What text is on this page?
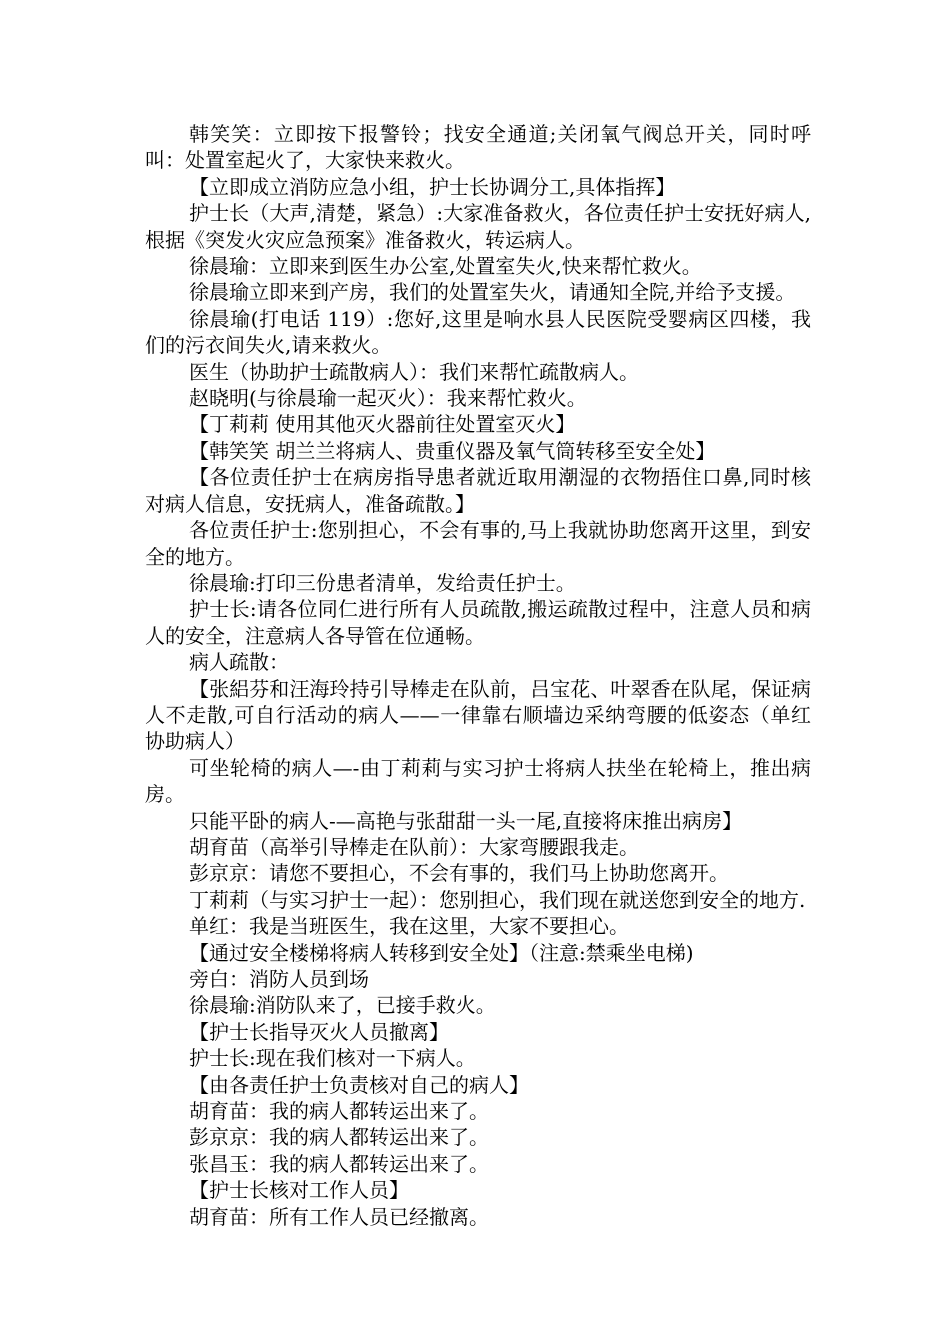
韩笑笑：立即按下报警铃；找安全通道;关闭氧气阀总开关，同时呼叫：处置室起火了，大家快来救火。

【立即成立消防应急小组，护士长协调分工,具体指挥】

护士长（大声,清楚，紧急）:大家准备救火，各位责任护士安抚好病人,根据《突发火灾应急预案》准备救火，转运病人。

徐晨瑜：立即来到医生办公室,处置室失火,快来帮忙救火。

徐晨瑜立即来到产房，我们的处置室失火，请通知全院,并给予支援。

徐晨瑜(打电话 119）:您好,这里是响水县人民医院受婴病区四楼，我们的污衣间失火,请来救火。

医生（协助护士疏散病人）：我们来帮忙疏散病人。

赵晓明(与徐晨瑜一起灭火）：我来帮忙救火。

【丁莉莉 使用其他灭火器前往处置室灭火】

【韩笑笑 胡兰兰将病人、贵重仪器及氧气筒转移至安全处】

【各位责任护士在病房指导患者就近取用潮湿的衣物捂住口鼻,同时核对病人信息，安抚病人，准备疏散。】

各位责任护士:您别担心，不会有事的,马上我就协助您离开这里，到安全的地方。

徐晨瑜:打印三份患者清单，发给责任护士。

护士长:请各位同仁进行所有人员疏散,搬运疏散过程中，注意人员和病人的安全，注意病人各导管在位通畅。

病人疏散：

【张絽芬和汪海玲持引导棒走在队前，吕宝花、叶翠香在队尾，保证病人不走散,可自行活动的病人——一律靠右顺墙边采纳弯腰的低姿态（单红协助病人）

可坐轮椅的病人—-由丁莉莉与实习护士将病人扶坐在轮椅上，推出病房。

只能平卧的病人-—高艳与张甜甜一头一尾,直接将床推出病房】

胡育苗（高举引导棒走在队前）：大家弯腰跟我走。

彭京京：请您不要担心，不会有事的，我们马上协助您离开。

丁莉莉（与实习护士一起）：您别担心，我们现在就送您到安全的地方.

单红：我是当班医生，我在这里，大家不要担心。

【通过安全楼梯将病人转移到安全处】（注意:禁乘坐电梯)

旁白：消防人员到场

徐晨瑜:消防队来了，已接手救火。

【护士长指导灭火人员撤离】

护士长:现在我们核对一下病人。

【由各责任护士负责核对自己的病人】

胡育苗：我的病人都转运出来了。

彭京京：我的病人都转运出来了。

张昌玉：我的病人都转运出来了。

【护士长核对工作人员】

胡育苗：所有工作人员已经撤离。
